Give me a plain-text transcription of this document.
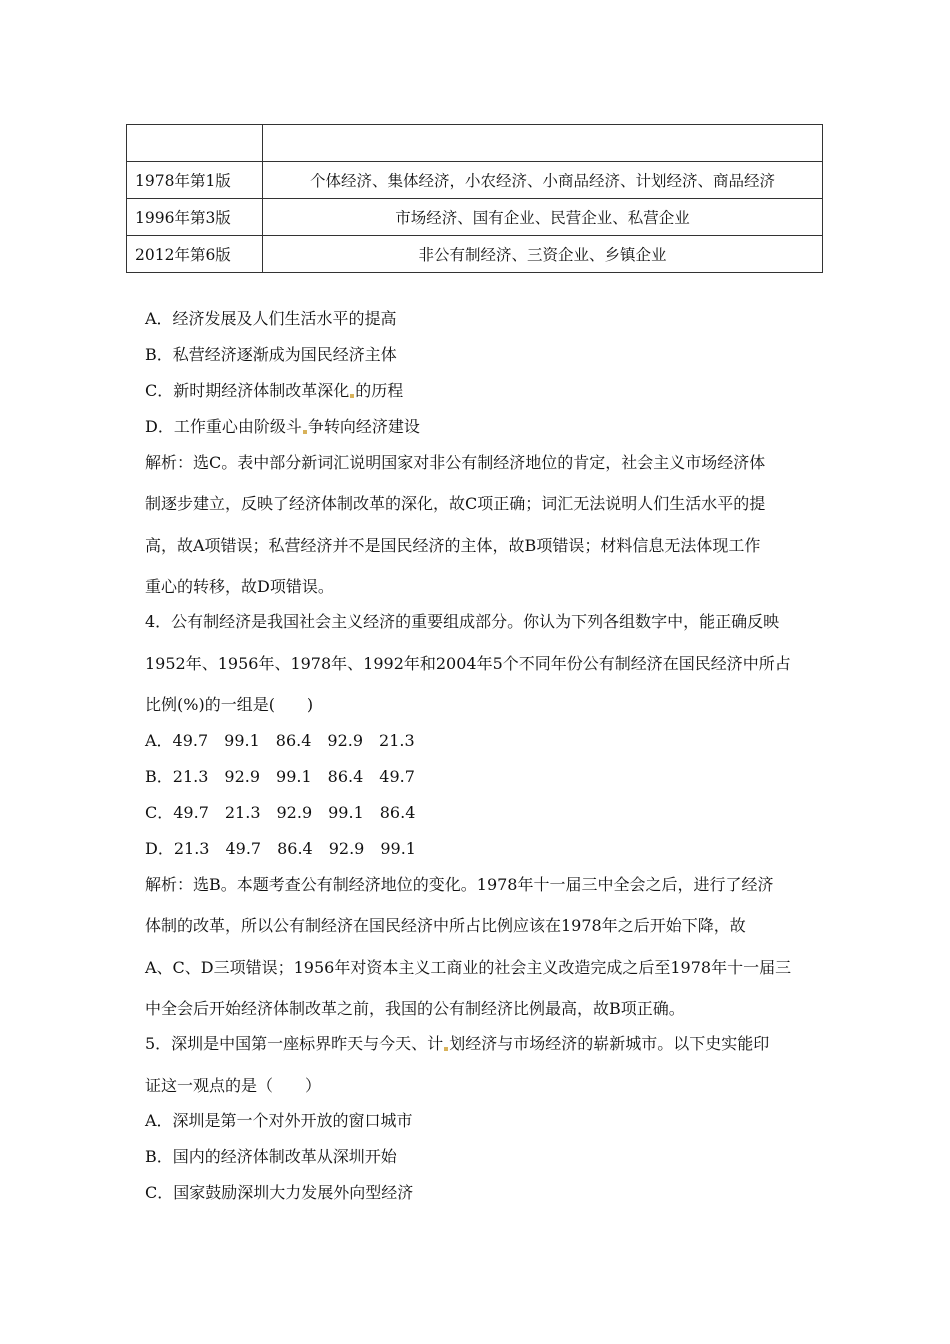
1978年第1版	个体经济、集体经济，小农经济、小商品经济、计划经济、商品经济
1996年第3版	市场经济、国有企业、民营企业、私营企业
2012年第6版	非公有制经济、三资企业、乡镇企业
A．经济发展及人们生活水平的提高
B．私营经济逐渐成为国民经济主体
C．新时期经济体制改革深化 的历程
D．工作重心由阶级斗 争转向经济建设
解析：选C。表中部分新词汇说明国家对非公有制经济地位的肯定，社会主义市场经济体
制逐步建立，反映了经济体制改革的深化，故C项正确；词汇无法说明人们生活水平的提
高，故A项错误；私营经济并不是国民经济的主体，故B项错误；材料信息无法体现工作
重心的转移，故D项错误。
4．公有制经济是我国社会主义经济的重要组成部分。你认为下列各组数字中，能正确反映
1952年、1956年、1978年、1992年和2004年5个不同年份公有制经济在国民经济中所占
比例(%)的一组是(　　)
A．49.7　99.1　86.4　92.9　21.3
B．21.3　92.9　99.1　86.4　49.7
C．49.7　21.3　92.9　99.1　86.4
D．21.3　49.7　86.4　92.9　99.1
解析：选B。本题考查公有制经济地位的变化。1978年十一届三中全会之后，进行了经济
体制的改革，所以公有制经济在国民经济中所占比例应该在1978年之后开始下降，故
A、C、D三项错误；1956年对资本主义工商业的社会主义改造完成之后至1978年十一届三
中全会后开始经济体制改革之前，我国的公有制经济比例最高，故B项正确。
5．深圳是中国第一座标界昨天与今天、计 划经济与市场经济的崭新城市。以下史实能印
证这一观点的是（　　）
A．深圳是第一个对外开放的窗口城市
B．国内的经济体制改革从深圳开始
C．国家鼓励深圳大力发展外向型经济
